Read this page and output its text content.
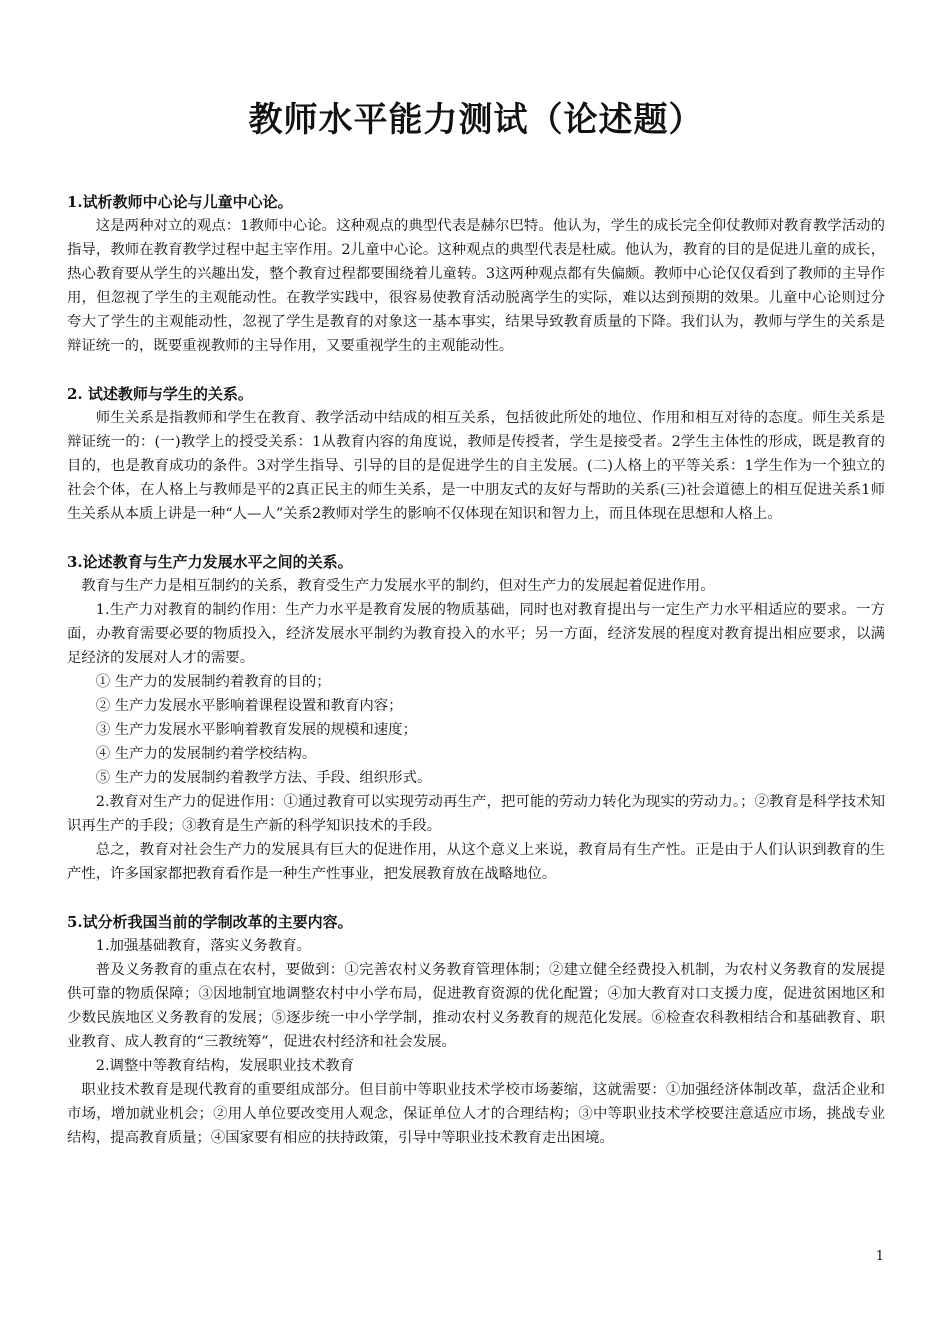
教师水平能力测试（论述题）

1.试析教师中心论与儿童中心论。

这是两种对立的观点：1教师中心论。这种观点的典型代表是赫尔巴特。他认为，学生的成长完全仰仗教师对教育教学活动的指导，教师在教育教学过程中起主宰作用。2儿童中心论。这种观点的典型代表是杜威。他认为，教育的目的是促进儿童的成长，热心教育要从学生的兴趣出发，整个教育过程都要围绕着儿童转。3这两种观点都有失偏颇。教师中心论仅仅看到了教师的主导作用，但忽视了学生的主观能动性。在教学实践中，很容易使教育活动脱离学生的实际，难以达到预期的效果。儿童中心论则过分夸大了学生的主观能动性，忽视了学生是教育的对象这一基本事实，结果导致教育质量的下降。我们认为，教师与学生的关系是辩证统一的，既要重视教师的主导作用，又要重视学生的主观能动性。

2. 试述教师与学生的关系。

师生关系是指教师和学生在教育、教学活动中结成的相互关系，包括彼此所处的地位、作用和相互对待的态度。师生关系是辩证统一的：(一)教学上的授受关系：1从教育内容的角度说，教师是传授者，学生是接受者。2学生主体性的形成，既是教育的目的，也是教育成功的条件。3对学生指导、引导的目的是促进学生的自主发展。(二)人格上的平等关系：1学生作为一个独立的社会个体，在人格上与教师是平的2真正民主的师生关系，是一中朋友式的友好与帮助的关系(三)社会道德上的相互促进关系1师生关系从本质上讲是一种“人—人”关系2教师对学生的影响不仅体现在知识和智力上，而且体现在思想和人格上。

3.论述教育与生产力发展水平之间的关系。

教育与生产力是相互制约的关系，教育受生产力发展水平的制约，但对生产力的发展起着促进作用。

1.生产力对教育的制约作用：生产力水平是教育发展的物质基础，同时也对教育提出与一定生产力水平相适应的要求。一方面，办教育需要必要的物质投入，经济发展水平制约为教育投入的水平；另一方面，经济发展的程度对教育提出相应要求，以满足经济的发展对人才的需要。

① 生产力的发展制约着教育的目的；

② 生产力发展水平影响着课程设置和教育内容；

③ 生产力发展水平影响着教育发展的规模和速度；

④ 生产力的发展制约着学校结构。

⑤ 生产力的发展制约着教学方法、手段、组织形式。

2.教育对生产力的促进作用：①通过教育可以实现劳动再生产，把可能的劳动力转化为现实的劳动力。；②教育是科学技术知识再生产的手段；③教育是生产新的科学知识技术的手段。

总之，教育对社会生产力的发展具有巨大的促进作用，从这个意义上来说，教育局有生产性。正是由于人们认识到教育的生产性，许多国家都把教育看作是一种生产性事业，把发展教育放在战略地位。

5.试分析我国当前的学制改革的主要内容。

1.加强基础教育，落实义务教育。

普及义务教育的重点在农村，要做到：①完善农村义务教育管理体制；②建立健全经费投入机制，为农村义务教育的发展提供可靠的物质保障；③因地制宜地调整农村中小学布局，促进教育资源的优化配置；④加大教育对口支援力度，促进贫困地区和少数民族地区义务教育的发展；⑤逐步统一中小学学制，推动农村义务教育的规范化发展。⑥检查农科教相结合和基础教育、职业教育、成人教育的“三教统筹”，促进农村经济和社会发展。

2.调整中等教育结构，发展职业技术教育

职业技术教育是现代教育的重要组成部分。但目前中等职业技术学校市场萎缩，这就需要：①加强经济体制改革，盘活企业和市场，增加就业机会；②用人单位要改变用人观念，保证单位人才的合理结构；③中等职业技术学校要注意适应市场，挑战专业结构，提高教育质量；④国家要有相应的扶持政策，引导中等职业技术教育走出困境。

1
